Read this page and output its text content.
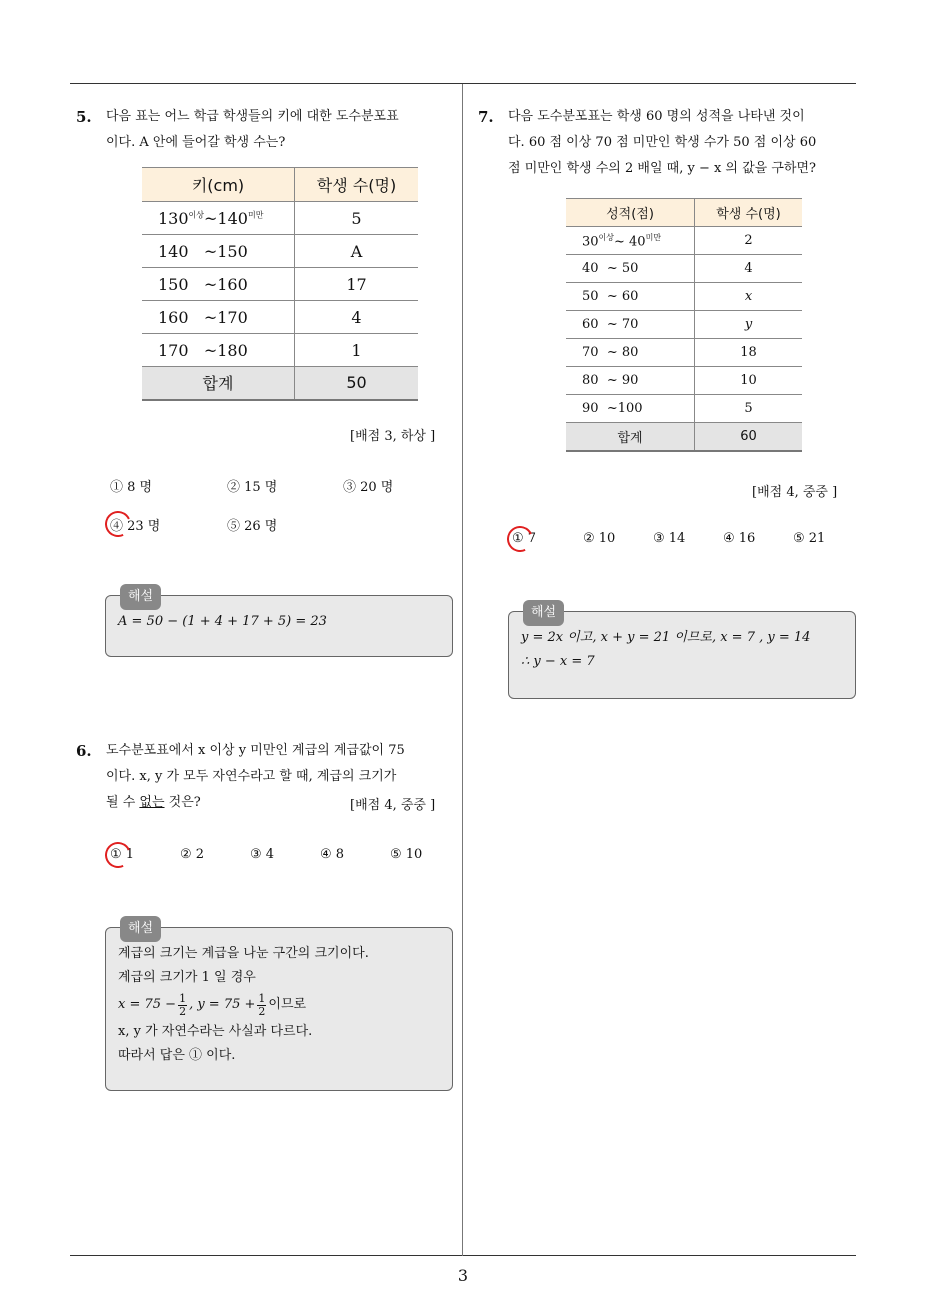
5. 다음 표는 어느 학급 학생들의 키에 대한 도수분포표
이다. A 안에 들어갈 학생 수는?
키(cm)	학생 수(명)
$130^{이상}\sim 140^{미만}$	5
140 ~150	A
150 ~160	17
160 ~170	4
170 ~180	1
합계	50
[배점 3, 하상 ]
① 8 명	② 15 명	③ 20 명
④ 23 명	⑤ 26 명
해설
A = 50 − (1 + 4 + 17 + 5) = 23
6. 도수분포표에서 x 이상 y 미만인 계급의 계급값이 75
이다. x, y 가 모두 자연수라고 할 때, 계급의 크기가
될 수 없는 것은?	[배점 4, 중중 ]
① 1	② 2	③ 4	④ 8	⑤ 10
해설
계급의 크기는 계급을 나눈 구간의 크기이다.
계급의 크기가 1 일 경우
$x = 75 - \frac{1}{2}$ , $y = 75 + \frac{1}{2}$ 이므로
x, y 가 자연수라는 사실과 다르다.
따라서 답은 ① 이다.
7. 다음 도수분포표는 학생 60 명의 성적을 나타낸 것이
다. 60 점 이상 70 점 미만인 학생 수가 50 점 이상 60
점 미만인 학생 수의 2 배일 때, y − x 의 값을 구하면?
성적(점)	학생 수(명)
$30^{이상}\sim$ $40^{미만}$	2
40 ~ 50	4
50 ~ 60	x
60 ~ 70	y
70 ~ 80	18
80 ~ 90	10
90 ~100	5
합계	60
[배점 4, 중중 ]
① 7	② 10	③ 14	④ 16	⑤ 21
해설
y = 2x 이고, x + y = 21 이므로, x = 7 , y = 14
∴ y − x = 7
3
